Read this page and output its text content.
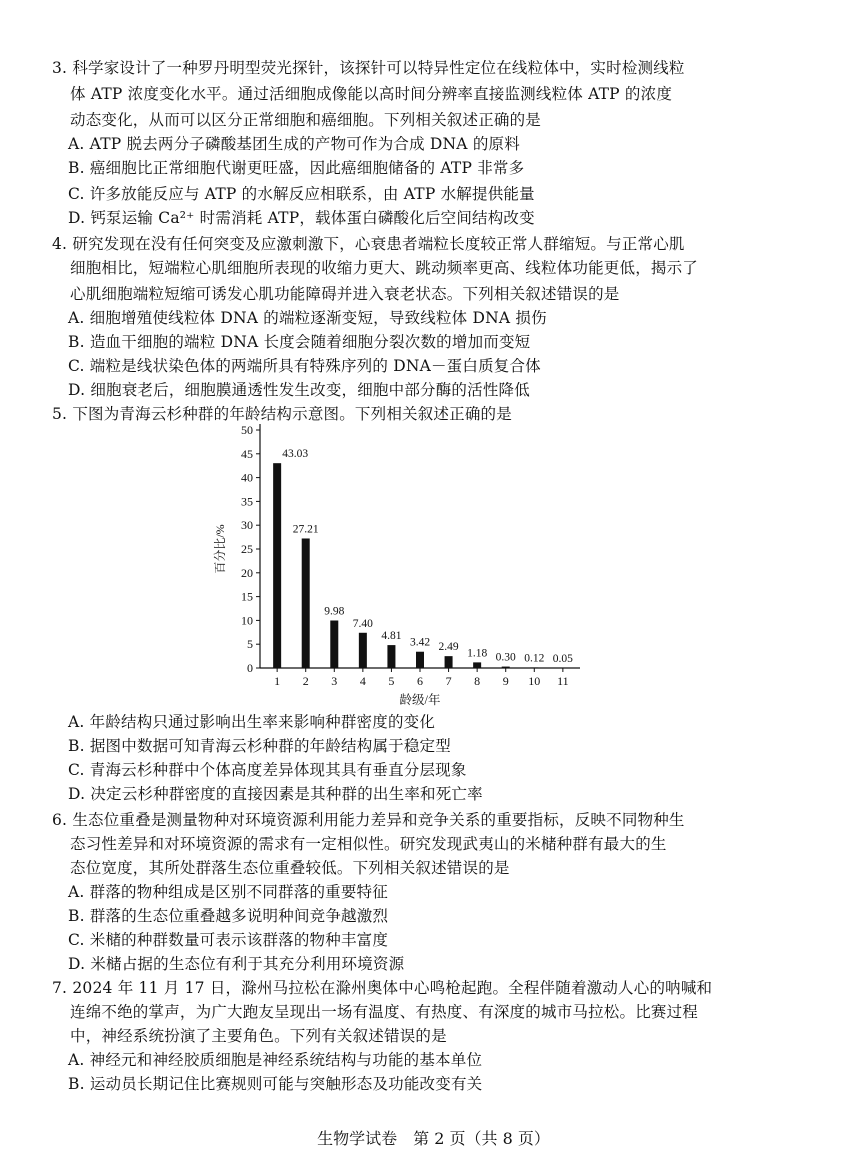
3. 科学家设计了一种罗丹明型荧光探针，该探针可以特异性定位在线粒体中，实时检测线粒
体 ATP 浓度变化水平。通过活细胞成像能以高时间分辨率直接监测线粒体 ATP 的浓度
动态变化，从而可以区分正常细胞和癌细胞。下列相关叙述正确的是
A. ATP 脱去两分子磷酸基团生成的产物可作为合成 DNA 的原料
B. 癌细胞比正常细胞代谢更旺盛，因此癌细胞储备的 ATP 非常多
C. 许多放能反应与 ATP 的水解反应相联系，由 ATP 水解提供能量
D. 钙泵运输 Ca²⁺ 时需消耗 ATP，载体蛋白磷酸化后空间结构改变
4. 研究发现在没有任何突变及应激刺激下，心衰患者端粒长度较正常人群缩短。与正常心肌
细胞相比，短端粒心肌细胞所表现的收缩力更大、跳动频率更高、线粒体功能更低，揭示了
心肌细胞端粒短缩可诱发心肌功能障碍并进入衰老状态。下列相关叙述错误的是
A. 细胞增殖使线粒体 DNA 的端粒逐渐变短，导致线粒体 DNA 损伤
B. 造血干细胞的端粒 DNA 长度会随着细胞分裂次数的增加而变短
C. 端粒是线状染色体的两端所具有特殊序列的 DNA－蛋白质复合体
D. 细胞衰老后，细胞膜通透性发生改变，细胞中部分酶的活性降低
5. 下图为青海云杉种群的年龄结构示意图。下列相关叙述正确的是
A. 年龄结构只通过影响出生率来影响种群密度的变化
B. 据图中数据可知青海云杉种群的年龄结构属于稳定型
C. 青海云杉种群中个体高度差异体现其具有垂直分层现象
D. 决定云杉种群密度的直接因素是其种群的出生率和死亡率
6. 生态位重叠是测量物种对环境资源利用能力差异和竞争关系的重要指标，反映不同物种生
态习性差异和对环境资源的需求有一定相似性。研究发现武夷山的米槠种群有最大的生
态位宽度，其所处群落生态位重叠较低。下列相关叙述错误的是
A. 群落的物种组成是区别不同群落的重要特征
B. 群落的生态位重叠越多说明种间竞争越激烈
C. 米槠的种群数量可表示该群落的物种丰富度
D. 米槠占据的生态位有利于其充分利用环境资源
7. 2024 年 11 月 17 日，滁州马拉松在滁州奥体中心鸣枪起跑。全程伴随着激动人心的呐喊和
连绵不绝的掌声，为广大跑友呈现出一场有温度、有热度、有深度的城市马拉松。比赛过程
中，神经系统扮演了主要角色。下列有关叙述错误的是
A. 神经元和神经胶质细胞是神经系统结构与功能的基本单位
B. 运动员长期记住比赛规则可能与突触形态及功能改变有关
0
5
10
15
20
25
30
35
40
45
50
1
43.03
2
27.21
3
9.98
4
7.40
5
4.81
6
3.42
7
2.49
8
1.18
9
0.30
10
0.12
11
0.05
龄级/年
百分比/%
生物学试卷　第 2 页（共 8 页）
